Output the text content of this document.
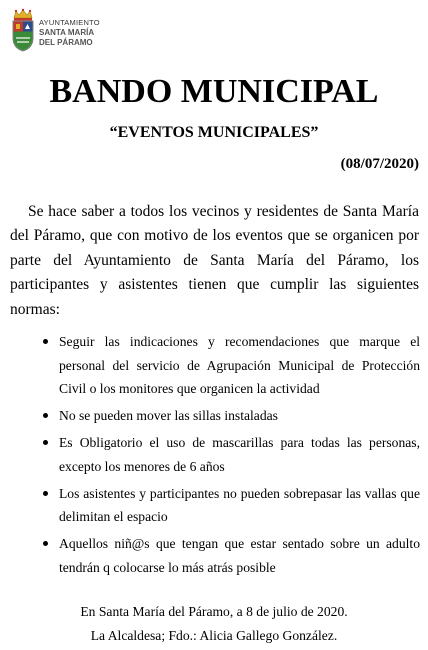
AYUNTAMIENTO
SANTA MARÍA
DEL PÁRAMO
BANDO MUNICIPAL

“EVENTOS MUNICIPALES”

(08/07/2020)

Se hace saber a todos los vecinos y residentes de Santa María del Páramo, que con motivo de los eventos que se organicen por parte del Ayuntamiento de Santa María del Páramo, los participantes y asistentes tienen que cumplir las siguientes normas:

Seguir las indicaciones y recomendaciones que marque el personal del servicio de Agrupación Municipal de Protección Civil o los monitores que organicen la actividad
No se pueden mover las sillas instaladas
Es Obligatorio el uso de mascarillas para todas las personas, excepto los menores de 6 años
Los asistentes y participantes no pueden sobrepasar las vallas que delimitan el espacio
Aquellos niñ@s que tengan que estar sentado sobre un adulto tendrán q colocarse lo más atrás posible

En Santa María del Páramo, a 8 de julio de 2020.

La Alcaldesa; Fdo.: Alicia Gallego González.
